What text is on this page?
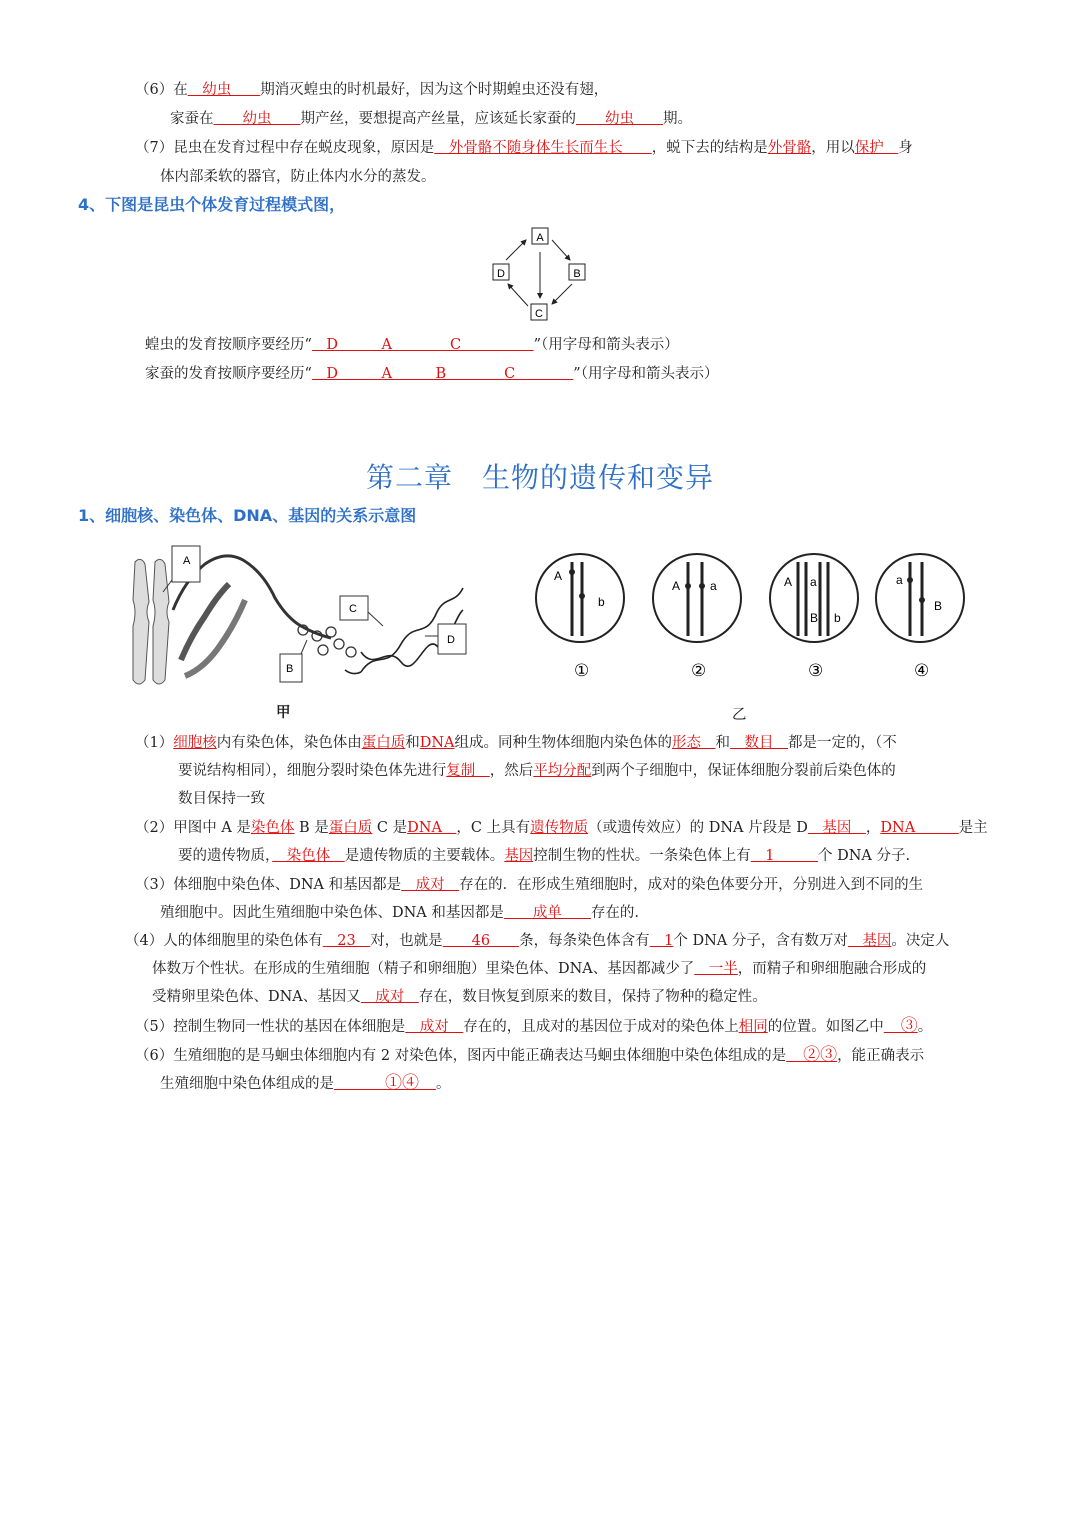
（6）在　幼虫　　期消灭蝗虫的时机最好，因为这个时期蝗虫还没有翅，
家蚕在　　幼虫　　期产丝，要想提高产丝量，应该延长家蚕的　　幼虫　　期。
（7）昆虫在发育过程中存在蜕皮现象，原因是　外骨骼不随身体生长而生长　　，蜕下去的结构是外骨骼，用以保护　身
体内部柔软的器官，防止体内水分的蒸发。
4、下图是昆虫个体发育过程模式图，
A
B
C
D
蝗虫的发育按顺序要经历“　D　　　A　　　　C　　　　　”（用字母和箭头表示）
家蚕的发育按顺序要经历“　D　　　A　　　B　　　　C　　　　”（用字母和箭头表示）
第二章　生物的遗传和变异
1、细胞核、染色体、DNA、基因的关系示意图
A
B
C
D
甲
A
b
①
A a
②
A a
B b
③
a
B
④
乙
（1）细胞核内有染色体，染色体由蛋白质和DNA组成。同种生物体细胞内染色体的形态　和　数目　都是一定的，（不
要说结构相同），细胞分裂时染色体先进行复制　，然后平均分配到两个子细胞中，保证体细胞分裂前后染色体的
数目保持一致
（2）甲图中 A 是染色体 B 是蛋白质 C 是DNA　，C 上具有遗传物质（或遗传效应）的 DNA 片段是 D　基因　，DNA　　　是主
要的遗传物质，　染色体　是遗传物质的主要载体。基因控制生物的性状。一条染色体上有　1　　　个 DNA 分子.
（3）体细胞中染色体、DNA 和基因都是　成对　存在的．在形成生殖细胞时，成对的染色体要分开，分别进入到不同的生
殖细胞中。因此生殖细胞中染色体、DNA 和基因都是　　成单　　存在的.
（4）人的体细胞里的染色体有　23　对，也就是　　46　　条，每条染色体含有　1个 DNA 分子，含有数万对　基因。决定人
体数万个性状。在形成的生殖细胞（精子和卵细胞）里染色体、DNA、基因都减少了　一半，而精子和卵细胞融合形成的
受精卵里染色体、DNA、基因又　成对　存在，数目恢复到原来的数目，保持了物种的稳定性。
（5）控制生物同一性状的基因在体细胞是　成对　存在的，且成对的基因位于成对的染色体上相同的位置。如图乙中　③。
（6）生殖细胞的是马蛔虫体细胞内有 2 对染色体，图丙中能正确表达马蛔虫体细胞中染色体组成的是　②③，能正确表示
生殖细胞中染色体组成的是　　　①④　。
